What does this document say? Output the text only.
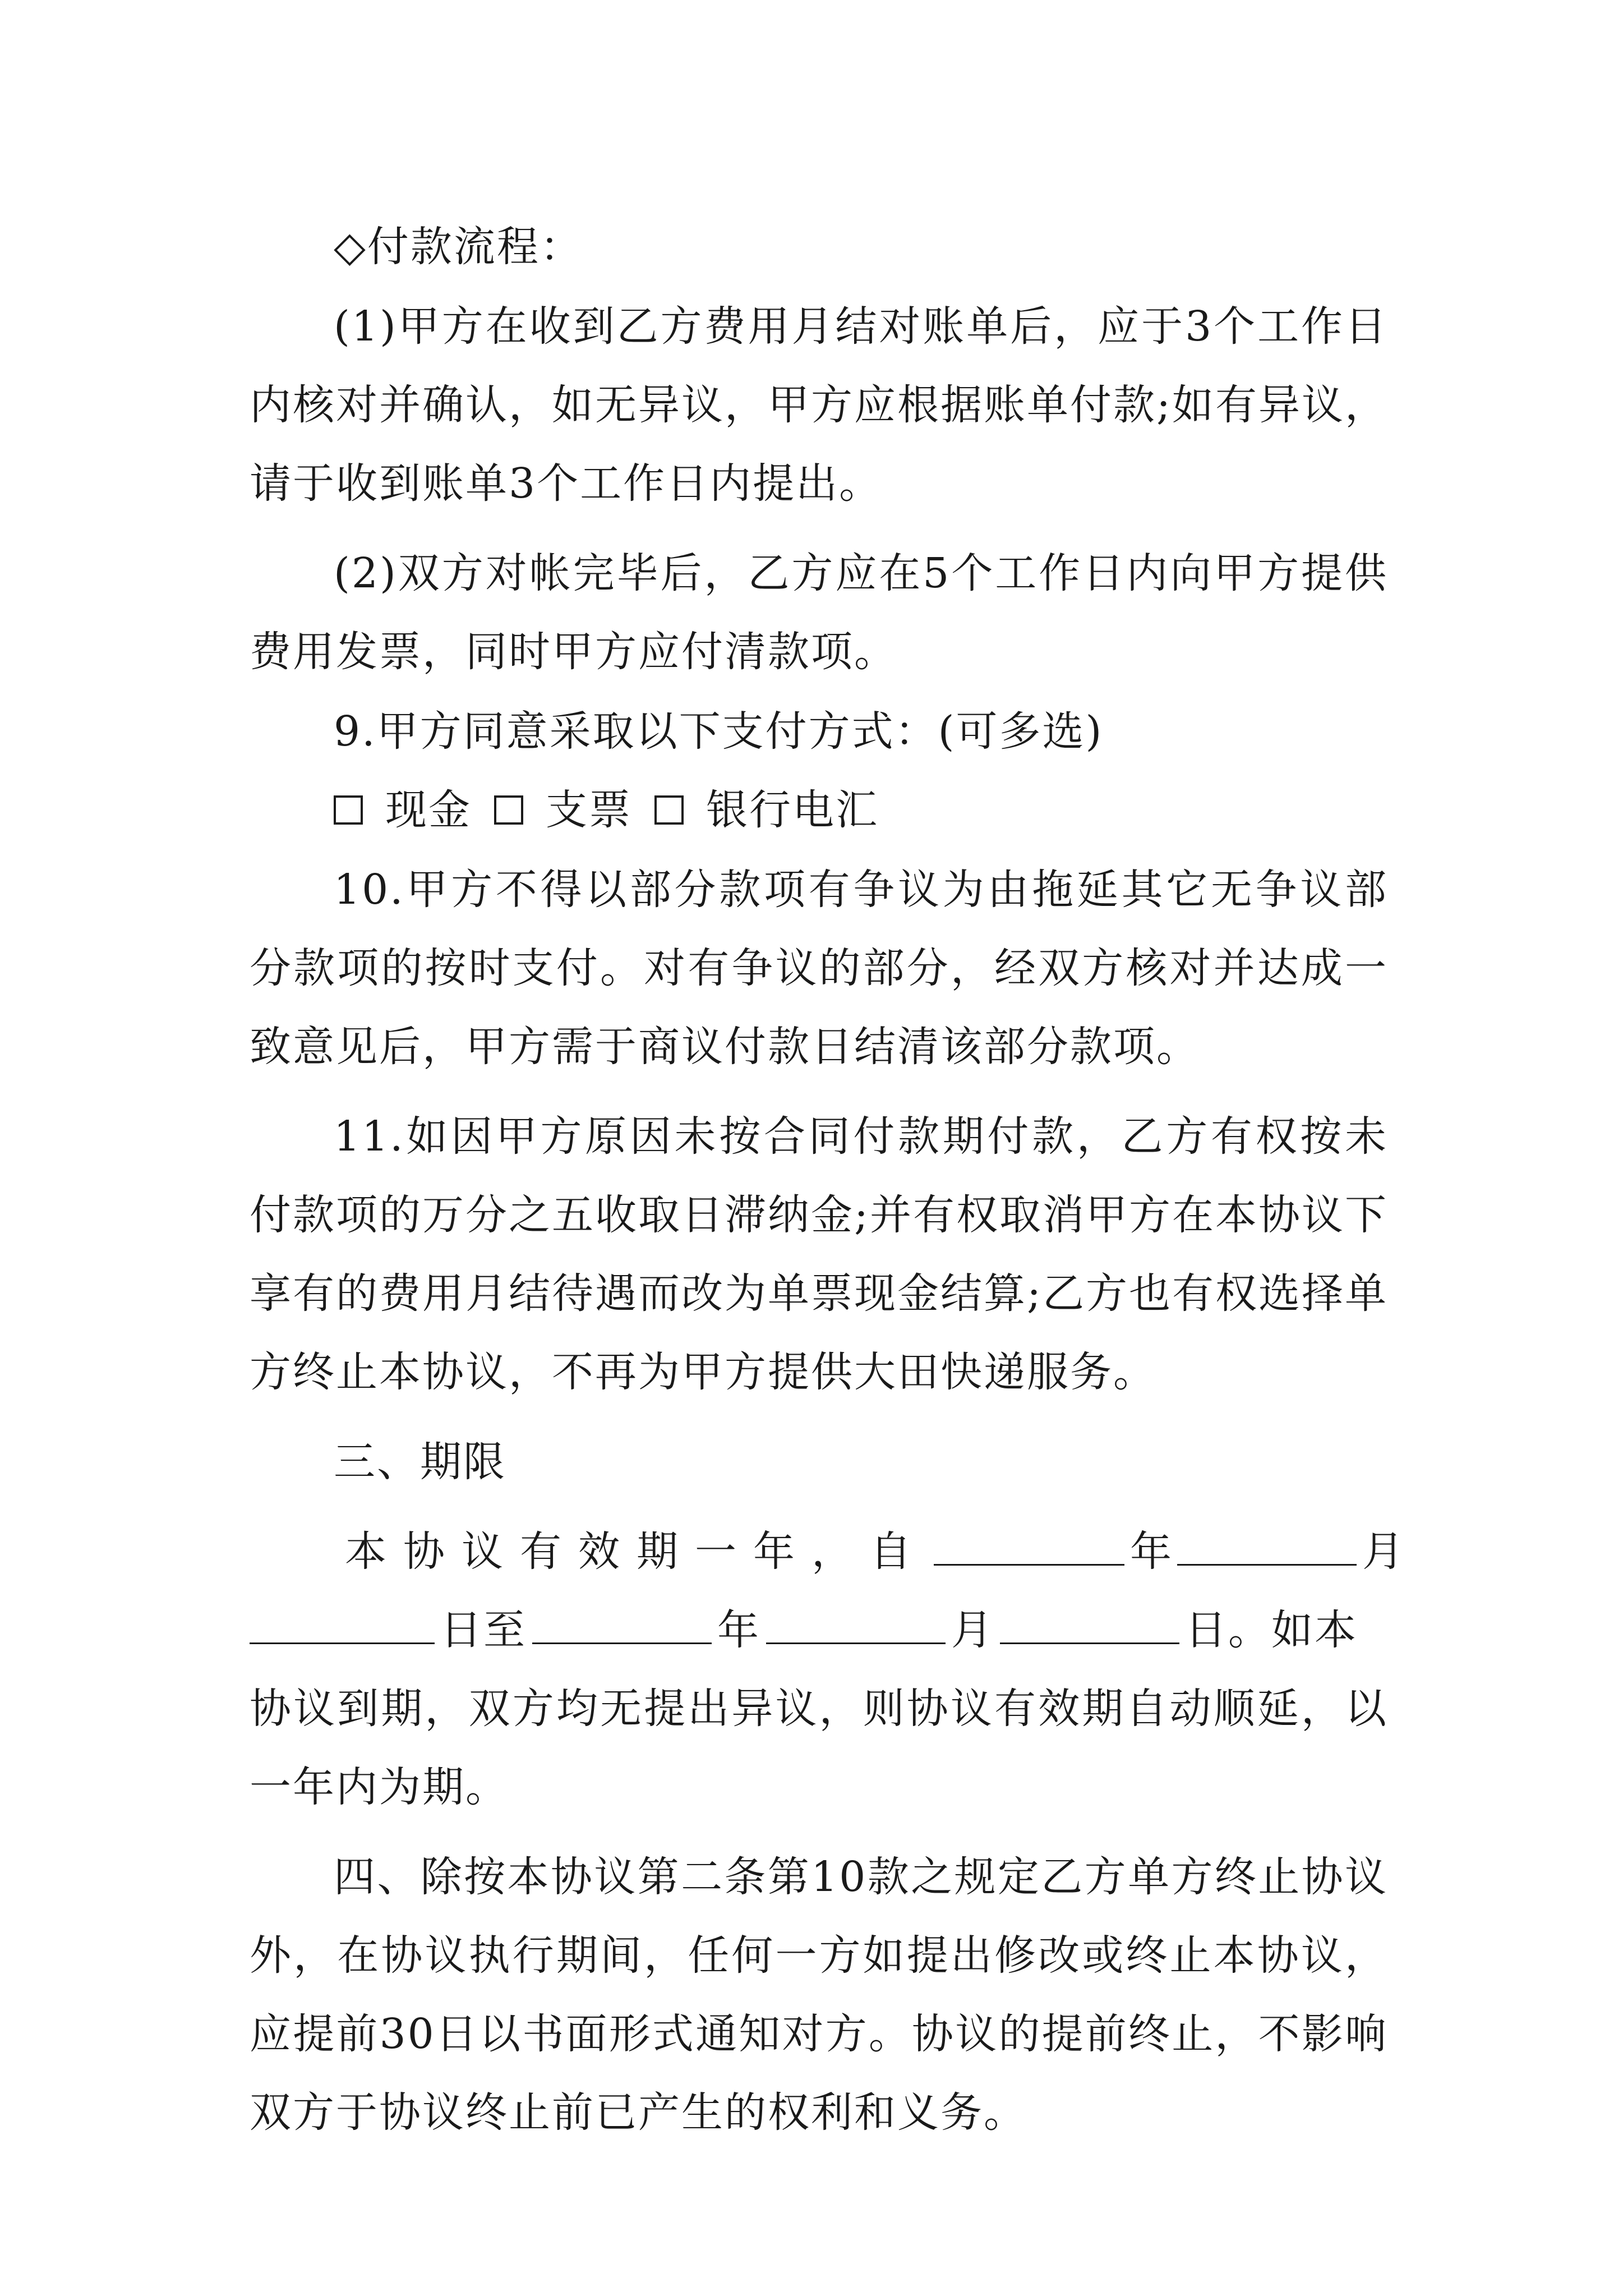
◇付款流程：

(1)甲方在收到乙方费用月结对账单后，应于3个工作日内核对并确认，如无异议，甲方应根据账单付款;如有异议，请于收到账单3个工作日内提出。

(2)双方对帐完毕后，乙方应在5个工作日内向甲方提供费用发票，同时甲方应付清款项。

9.甲方同意采取以下支付方式：(可多选)

现金 支票 银行电汇

10.甲方不得以部分款项有争议为由拖延其它无争议部分款项的按时支付。对有争议的部分，经双方核对并达成一致意见后，甲方需于商议付款日结清该部分款项。

11.如因甲方原因未按合同付款期付款，乙方有权按未付款项的万分之五收取日滞纳金;并有权取消甲方在本协议下享有的费用月结待遇而改为单票现金结算;乙方也有权选择单方终止本协议，不再为甲方提供大田快递服务。

三、期限

本协议有效期一年，自	年	月
日至	年	月	日。如本

协议到期，双方均无提出异议，则协议有效期自动顺延，以一年内为期。

四、除按本协议第二条第10款之规定乙方单方终止协议外，在协议执行期间，任何一方如提出修改或终止本协议，应提前30日以书面形式通知对方。协议的提前终止，不影响双方于协议终止前已产生的权利和义务。
